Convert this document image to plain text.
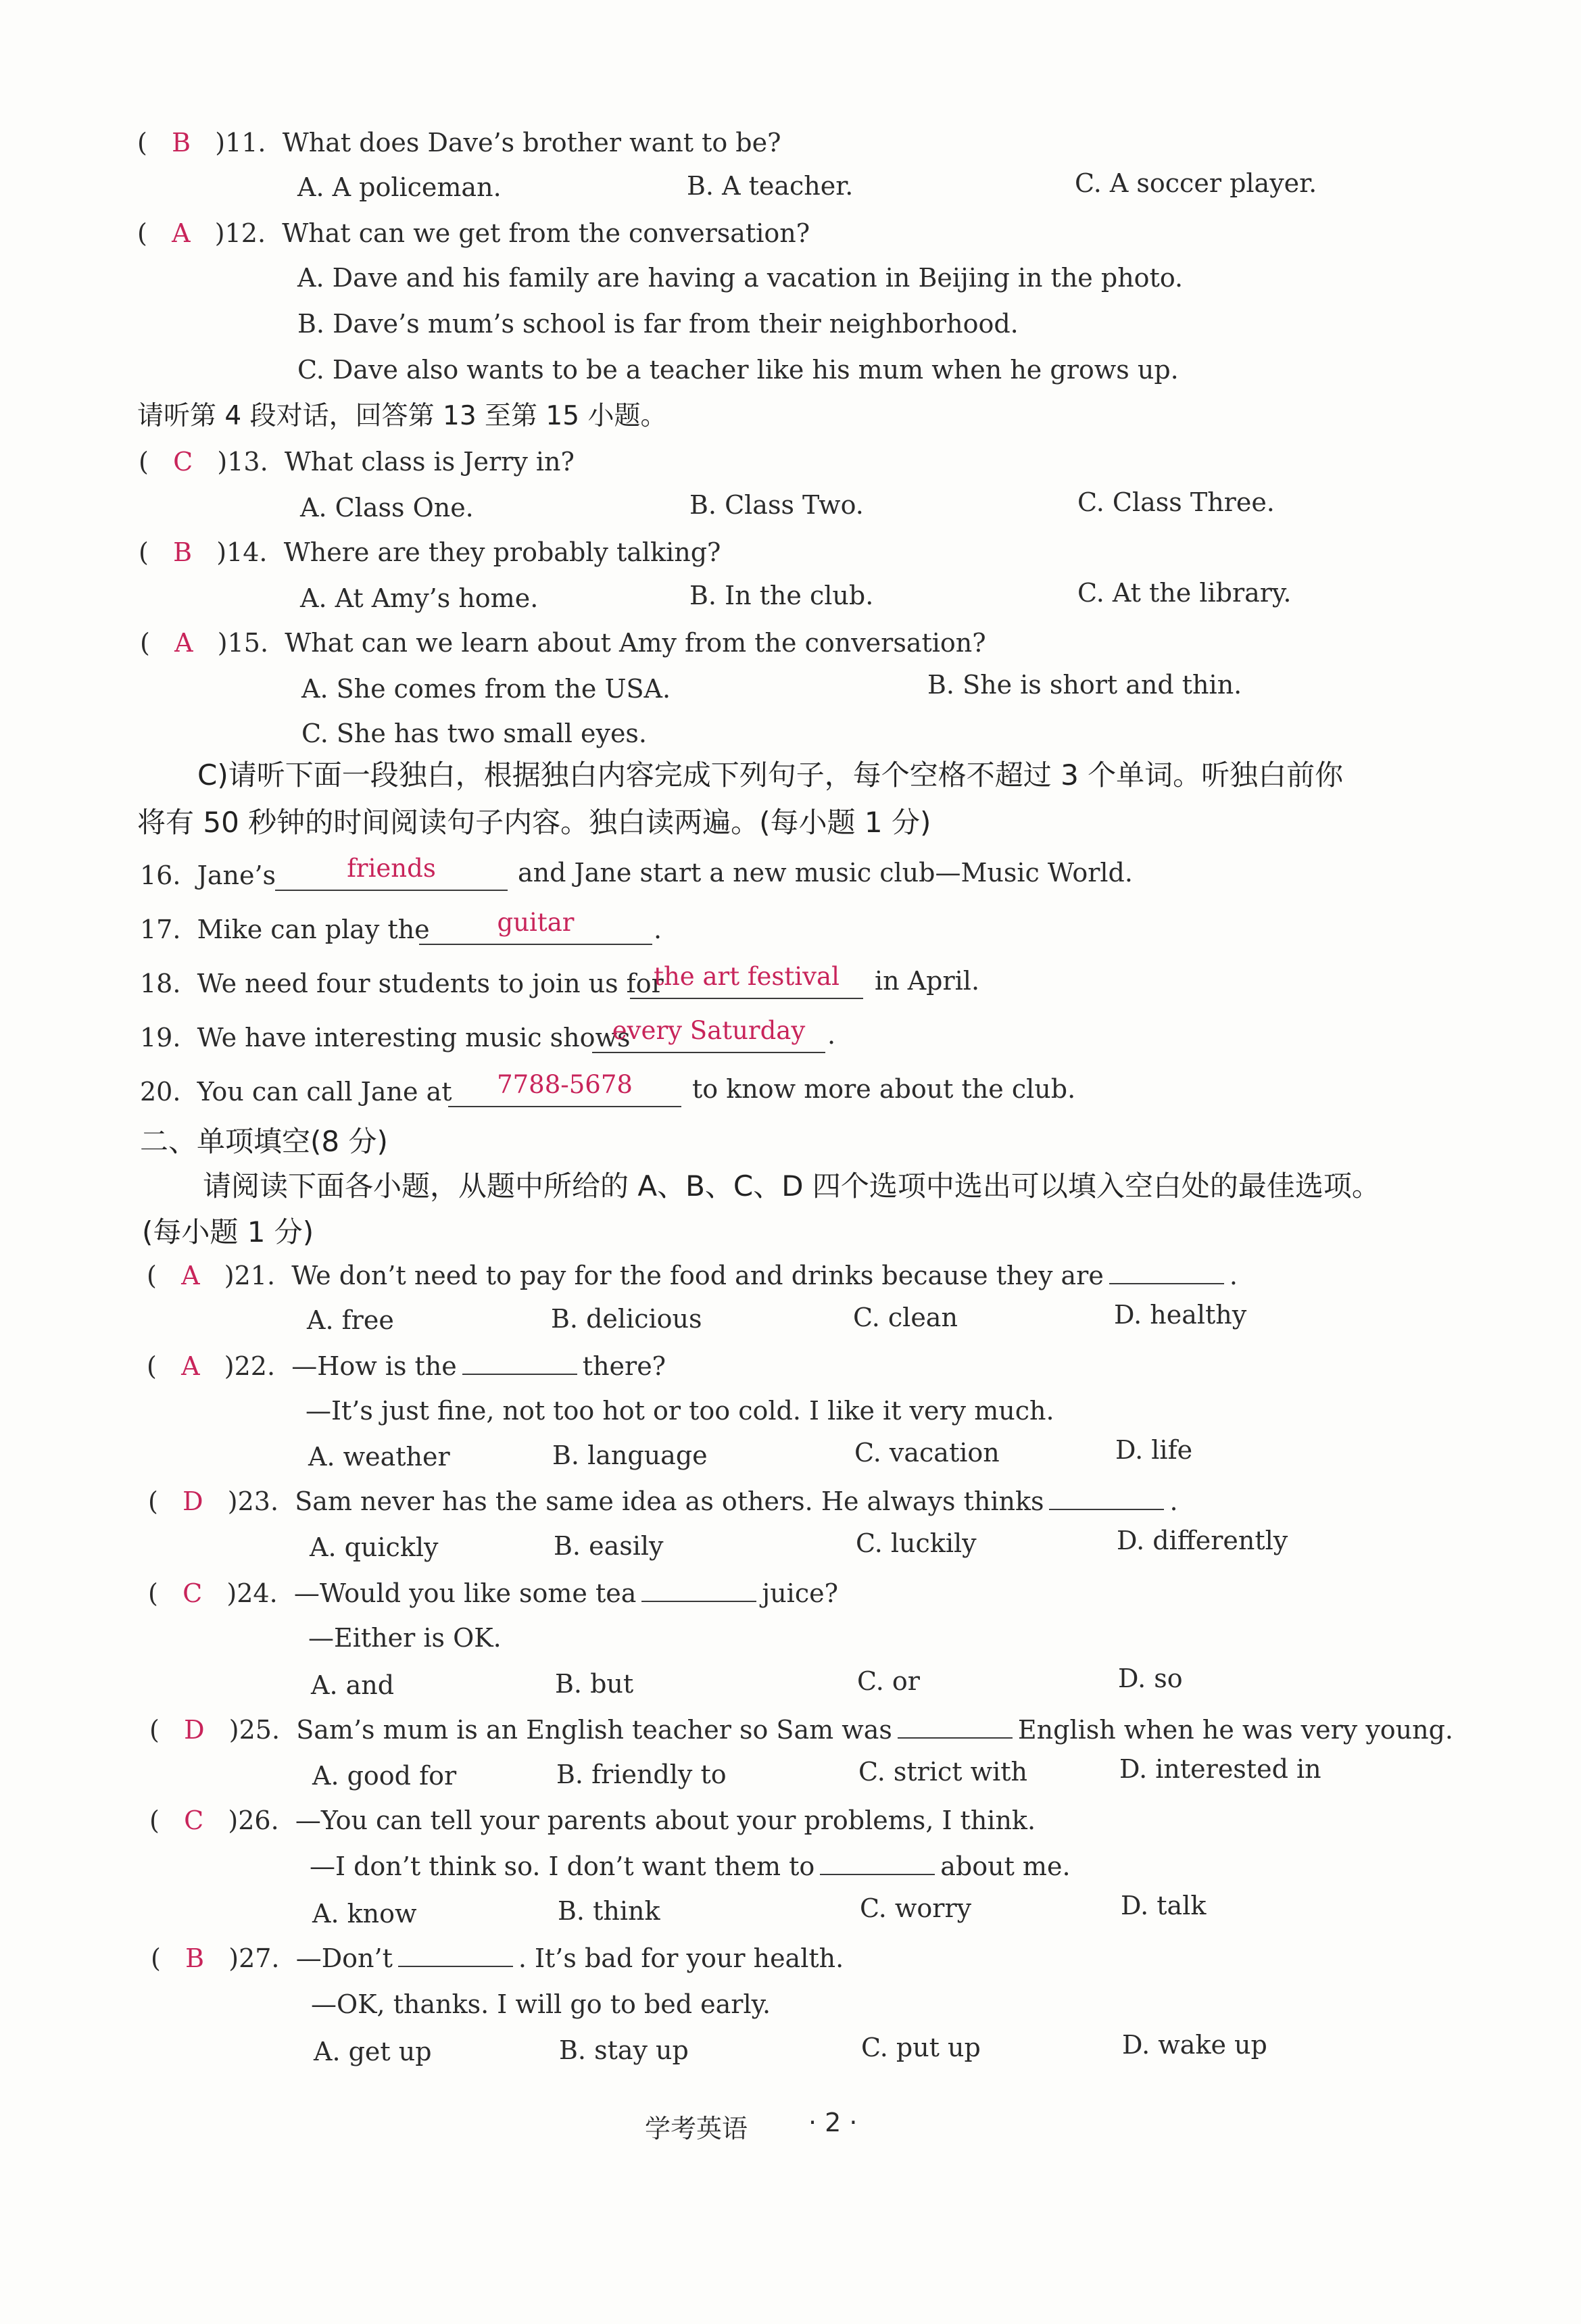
(   B )11. What does Dave’s brother want to be?
A. A policeman.	B. A teacher.	C. A soccer player.
(   A )12. What can we get from the conversation?
A. Dave and his family are having a vacation in Beijing in the photo.
B. Dave’s mum’s school is far from their neighborhood.
C. Dave also wants to be a teacher like his mum when he grows up.
请听第 4 段对话，回答第 13 至第 15 小题。
(   C )13. What class is Jerry in?
A. Class One.	B. Class Two.	C. Class Three.
(   B )14. Where are they probably talking?
A. At Amy’s home.	B. In the club.	C. At the library.
(   A )15. What can we learn about Amy from the conversation?
A. She comes from the USA.	B. She is short and thin.
C. She has two small eyes.
C)请听下面一段独白，根据独白内容完成下列句子，每个空格不超过 3 个单词。听独白前你
将有 50 秒钟的时间阅读句子内容。独白读两遍。(每小题 1 分)
16. Jane’s	friends	and Jane start a new music club—Music World.
17. Mike can play the	guitar	.
18. We need four students to join us for
the art festival	in April.
19. We have interesting music shows
every Saturday .
20. You can call Jane at	7788-5678	to know more about the club.
二、单项填空(8 分)
请阅读下面各小题，从题中所给的 A、B、C、D 四个选项中选出可以填入空白处的最佳选项。
(每小题 1 分)
(   A )21. We don’t need to pay for the food and drinks because they are	.
A. free	B. delicious	C. clean	D. healthy
(   A )22. —How is the	there?
—It’s just fine, not too hot or too cold. I like it very much.
A. weather	B. language	C. vacation	D. life
(   D )23. Sam never has the same idea as others. He always thinks	.
A. quickly	B. easily	C. luckily	D. differently
(   C )24. —Would you like some tea	juice?
—Either is OK.
A. and	B. but	C. or	D. so
(   D )25. Sam’s mum is an English teacher so Sam was	English when he was very young.
A. good for	B. friendly to	C. strict with	D. interested in
(   C )26. —You can tell your parents about your problems, I think.
—I don’t think so. I don’t want them to	about me.
A. know	B. think	C. worry	D. talk
(   B )27. —Don’t	. It’s bad for your health.
—OK, thanks. I will go to bed early.
A. get up	B. stay up	C. put up	D. wake up
学考英语 · 2 ·
